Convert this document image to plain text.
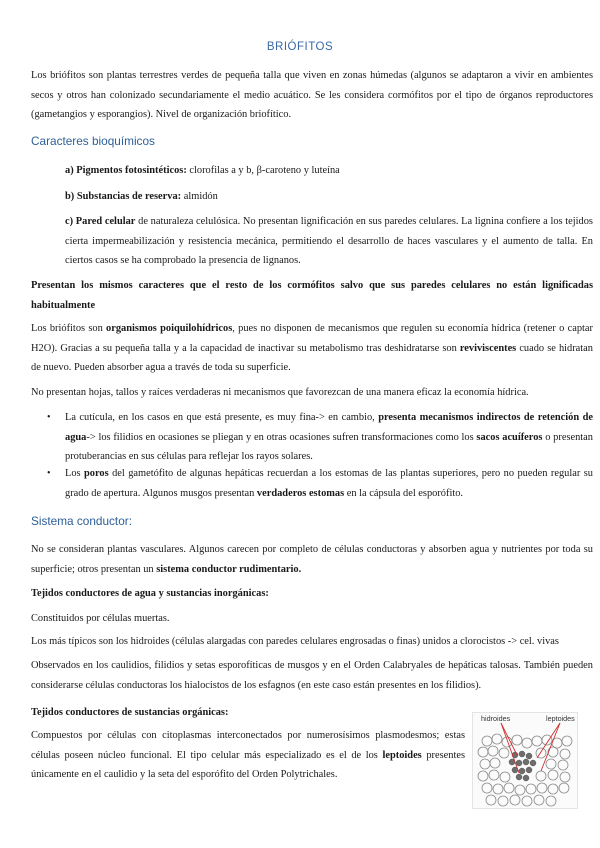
BRIÓFITOS
Los briófitos son plantas terrestres verdes de pequeña talla que viven en zonas húmedas (algunos se adaptaron a vivir en ambientes secos y otros han colonizado secundariamente el medio acuático. Se les considera cormófitos por el tipo de órganos reproductores (gametangios y esporangios). Nivel de organización briofítico.
Caracteres bioquímicos
a) Pigmentos fotosintéticos: clorofilas a y b, β-caroteno y luteína
b) Substancias de reserva: almidón
c) Pared celular de naturaleza celulósica. No presentan lignificación en sus paredes celulares. La lignina confiere a los tejidos cierta impermeabilización y resistencia mecánica, permitiendo el desarrollo de haces vasculares y el aumento de talla. En ciertos casos se ha comprobado la presencia de lignanos.
Presentan los mismos caracteres que el resto de los cormófitos salvo que sus paredes celulares no están lignificadas habitualmente
Los briófitos son organismos poiquilohídricos, pues no disponen de mecanismos que regulen su economía hídrica (retener o captar H2O). Gracias a su pequeña talla y a la capacidad de inactivar su metabolismo tras deshidratarse son reviviscentes cuado se hidratan de nuevo. Pueden absorber agua a través de toda su superficie.
No presentan hojas, tallos y raíces verdaderas ni mecanismos que favorezcan de una manera eficaz la economía hídrica.
• La cutícula, en los casos en que está presente, es muy fina-> en cambio, presenta mecanismos indirectos de retención de agua-> los filidios en ocasiones se pliegan y en otras ocasiones sufren transformaciones como los sacos acuíferos o presentan protuberancias en sus células para reflejar los rayos solares.
• Los poros del gametófito de algunas hepáticas recuerdan a los estomas de las plantas superiores, pero no pueden regular su grado de apertura. Algunos musgos presentan verdaderos estomas en la cápsula del esporófito.
Sistema conductor:
No se consideran plantas vasculares. Algunos carecen por completo de células conductoras y absorben agua y nutrientes por toda su superficie; otros presentan un sistema conductor rudimentario.
Tejidos conductores de agua y sustancias inorgánicas:
Constituidos por células muertas.
Los más típicos son los hidroides (células alargadas con paredes celulares engrosadas o finas) unidos a clorocistos -> cel. vivas
Observados en los caulidios, filidios y setas esporofíticas de musgos y en el Orden Calabryales de hepáticas talosas. También pueden considerarse células conductoras los hialocistos de los esfagnos (en este caso están presentes en los filidios).
Tejidos conductores de sustancias orgánicas:
Compuestos por células con citoplasmas interconectados por numerosísimos plasmodesmos; estas células poseen núcleo funcional. El tipo celular más especializado es el de los leptoides presentes únicamente en el caulidio y la seta del esporófito del Orden Polytrichales.
hidroides	leptoides
